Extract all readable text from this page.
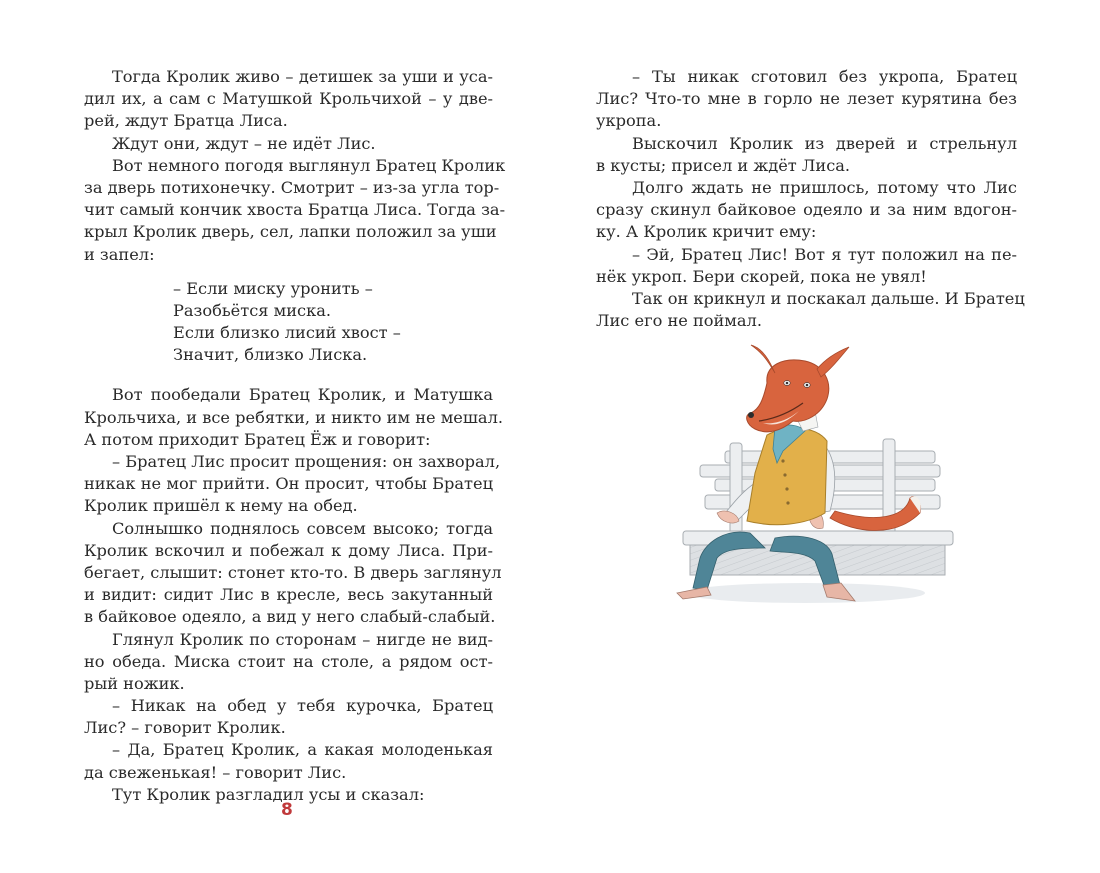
Тогда Кролик живо – детишек за уши и уса-
дил их, а сам с Матушкой Крольчихой – у две-
рей, ждут Братца Лиса.
Ждут они, ждут – не идёт Лис.
Вот немного погодя выглянул Братец Кролик
за дверь потихонечку. Смотрит – из-за угла тор-
чит самый кончик хвоста Братца Лиса. Тогда за-
крыл Кролик дверь, сел, лапки положил за уши
и запел:
– Если миску уронить –
Разобьётся миска.
Если близко лисий хвост –
Значит, близко Лиска.
Вот пообедали Братец Кролик, и Матушка
Крольчиха, и все ребятки, и никто им не мешал.
А потом приходит Братец Ёж и говорит:
– Братец Лис просит прощения: он захворал,
никак не мог прийти. Он просит, чтобы Братец
Кролик пришёл к нему на обед.
Солнышко поднялось совсем высоко; тогда
Кролик вскочил и побежал к дому Лиса. При-
бегает, слышит: стонет кто-то. В дверь заглянул
и видит: сидит Лис в кресле, весь закутанный
в байковое одеяло, а вид у него слабый-слабый.
Глянул Кролик по сторонам – нигде не вид-
но обеда. Миска стоит на столе, а рядом ост-
рый ножик.
– Никак на обед у тебя курочка, Братец
Лис? – говорит Кролик.
– Да, Братец Кролик, а какая молоденькая
да свеженькая! – говорит Лис.
Тут Кролик разгладил усы и сказал:
8
– Ты никак сготовил без укропа, Братец
Лис? Что-то мне в горло не лезет курятина без
укропа.
Выскочил Кролик из дверей и стрельнул
в кусты; присел и ждёт Лиса.
Долго ждать не пришлось, потому что Лис
сразу скинул байковое одеяло и за ним вдогон-
ку. А Кролик кричит ему:
– Эй, Братец Лис! Вот я тут положил на пе-
нёк укроп. Бери скорей, пока не увял!
Так он крикнул и поскакал дальше. И Братец
Лис его не поймал.
